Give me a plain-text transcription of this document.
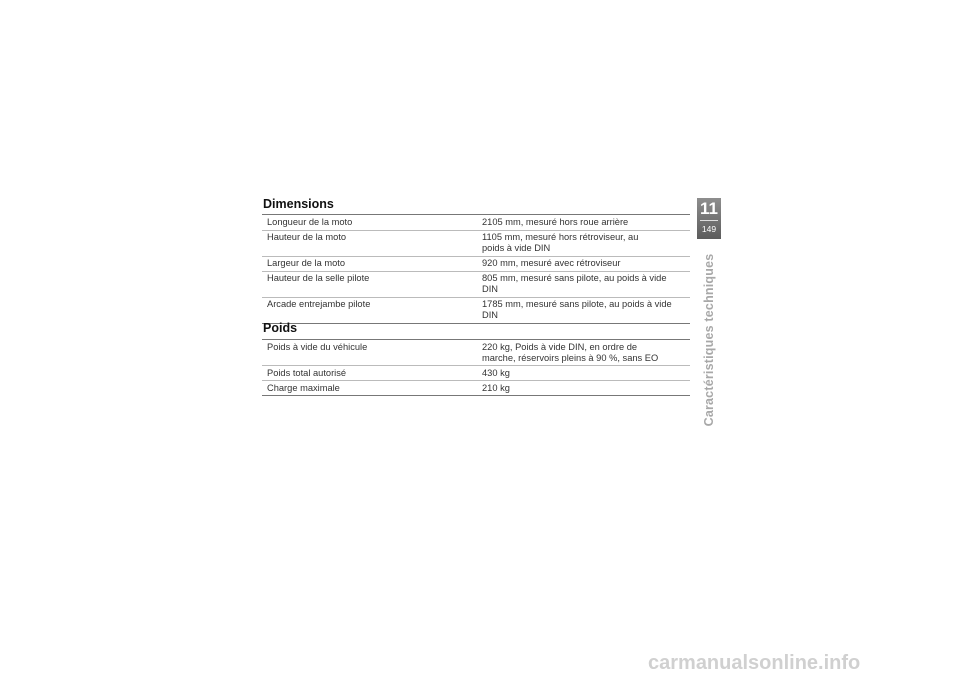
Dimensions
Longueur de la moto	2105 mm, mesuré hors roue arrière
Hauteur de la moto	1105 mm, mesuré hors rétroviseur, au poids à vide DIN
Largeur de la moto	920 mm, mesuré avec rétroviseur
Hauteur de la selle pilote	805 mm, mesuré sans pilote, au poids à vide DIN
Arcade entrejambe pilote	1785 mm, mesuré sans pilote, au poids à vide DIN
Poids
Poids à vide du véhicule	220 kg, Poids à vide DIN, en ordre de marche, réservoirs pleins à 90 %, sans EO
Poids total autorisé	430 kg
Charge maximale	210 kg
11
149
Caractéristiques techniques
carmanualsonline.info
